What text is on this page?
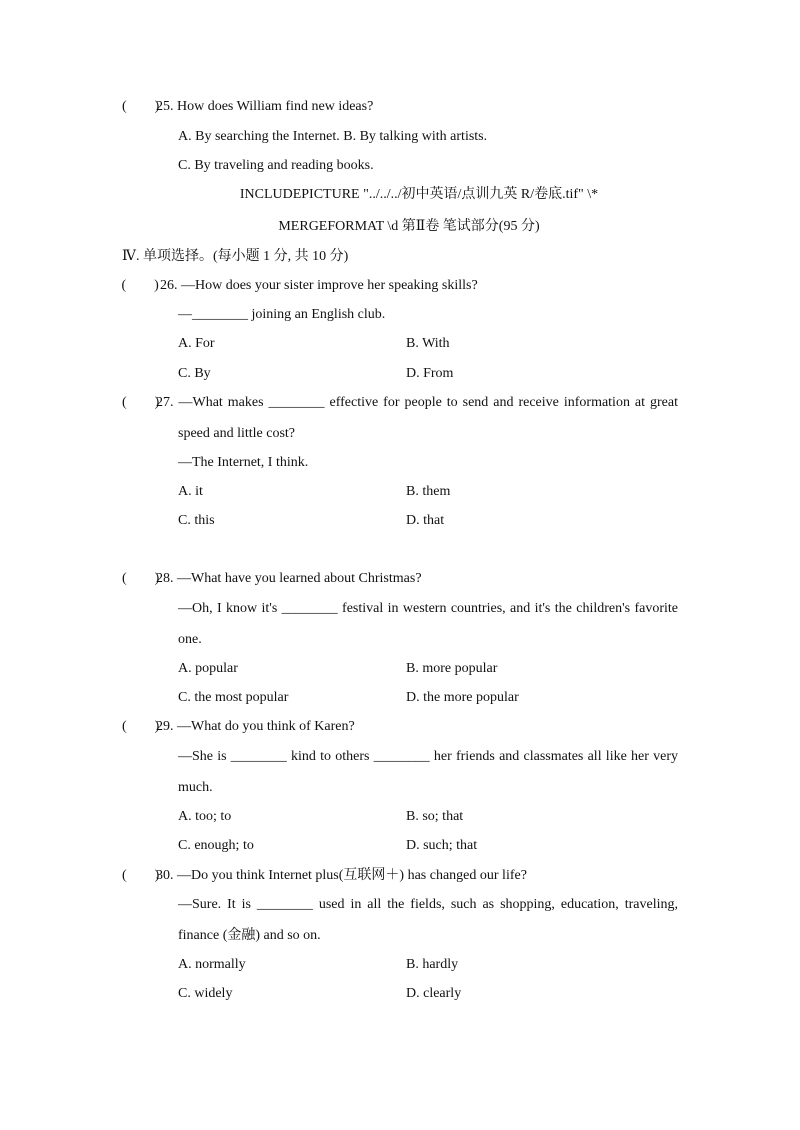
(        )
25. How does William find new ideas?
A. By searching the Internet. B. By talking with artists.
C. By traveling and reading books.
INCLUDEPICTURE "../../../初中英语/点训九英 R/卷底.tif" \*
MERGEFORMAT \d 第Ⅱ卷 笔试部分(95 分)
Ⅳ. 单项选择。(每小题 1 分, 共 10 分)
(        ) 26. —How does your sister improve her speaking skills?
—________ joining an English club.
A. For	B. With
C. By	D. From
(        )
27. —What makes ________ effective for people to send and receive information at great
speed and little cost?
—The Internet, I think.
A. it	B. them
C. this	D. that
(        )
28. —What have you learned about Christmas?
—Oh, I know it's ________ festival in western countries, and it's the children's favorite
one.
A. popular	B. more popular
C. the most popular	D. the more popular
(        )
29. —What do you think of Karen?
—She is ________ kind to others ________ her friends and classmates all like her very
much.
A. too; to	B. so; that
C. enough; to	D. such; that
(        )
30. —Do you think Internet plus(互联网＋) has changed our life?
—Sure. It is ________ used in all the fields, such as shopping, education, traveling,
finance (金融) and so on.
A. normally	B. hardly
C. widely	D. clearly
